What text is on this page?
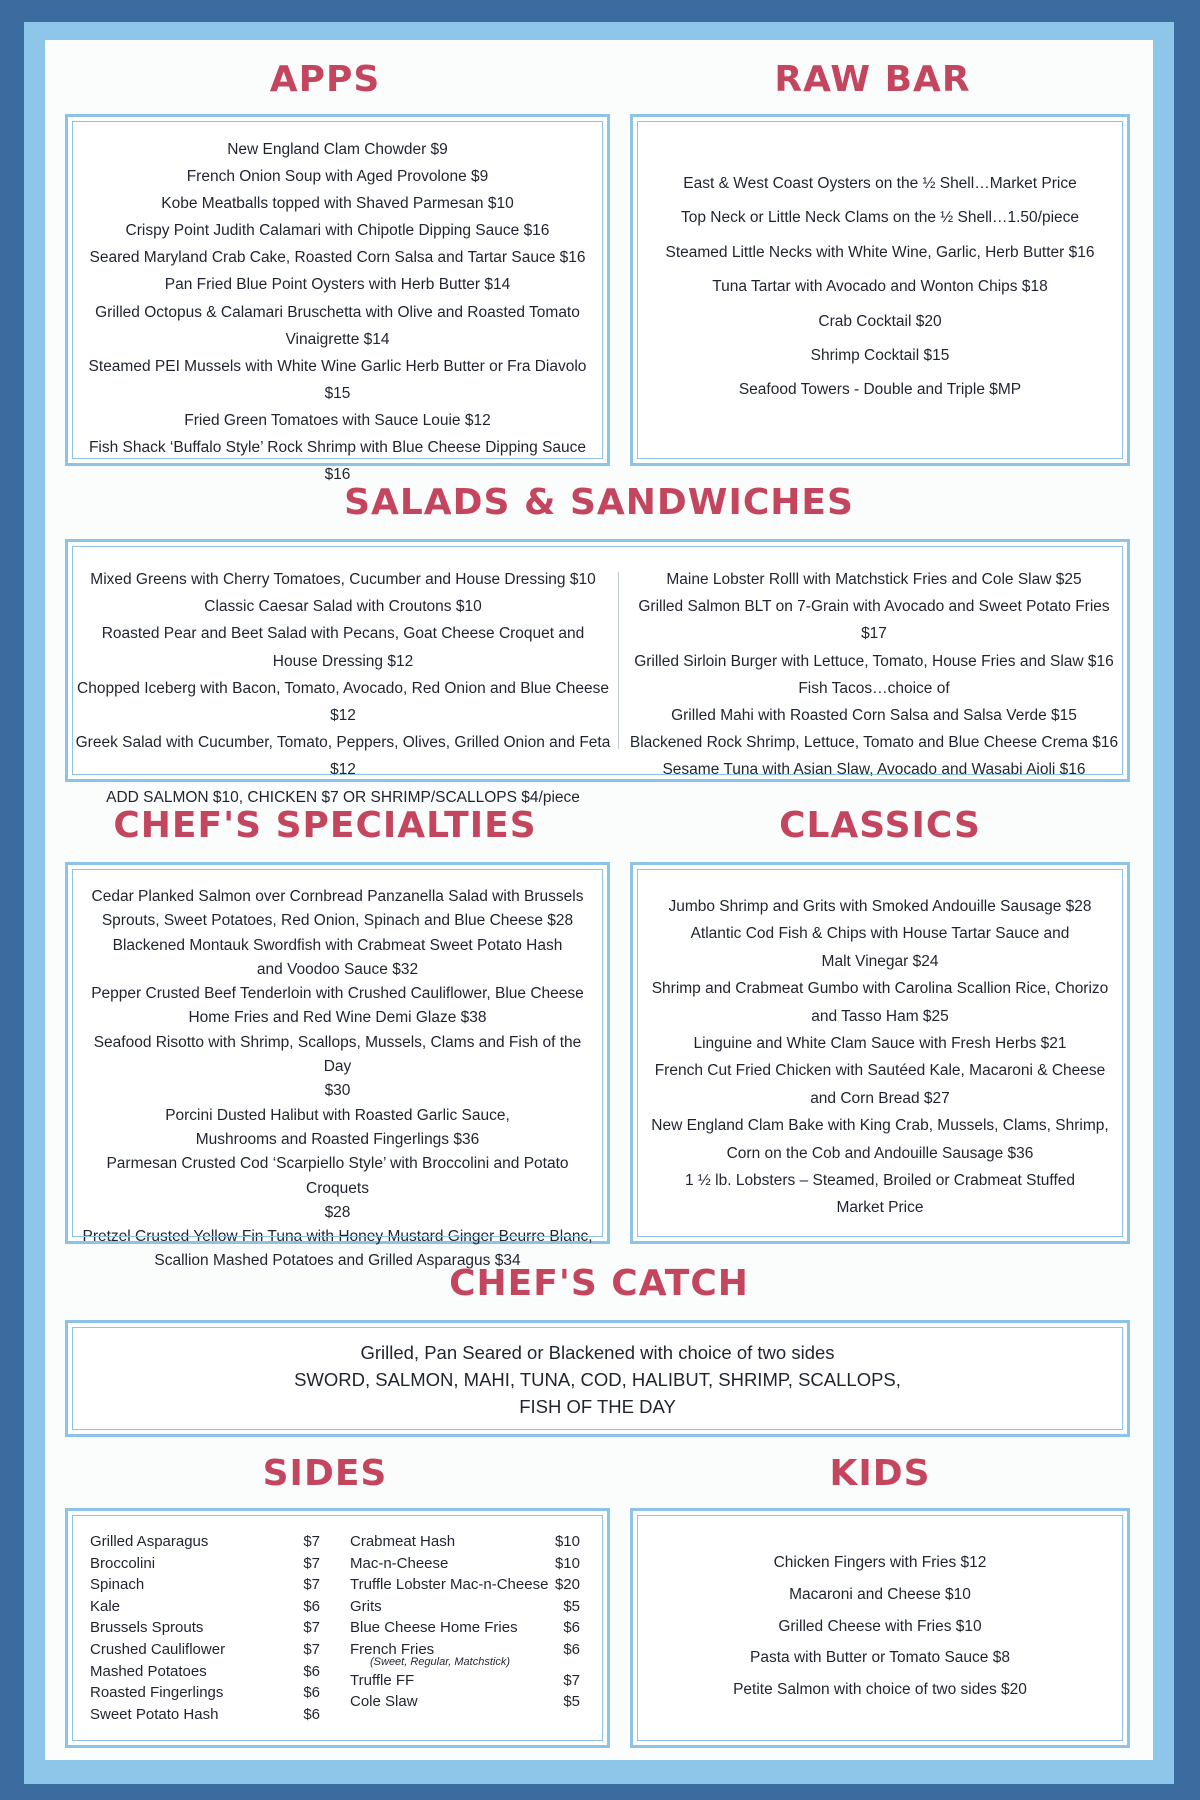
APPS
New England Clam Chowder $9
French Onion Soup with Aged Provolone $9
Kobe Meatballs topped with Shaved Parmesan $10
Crispy Point Judith Calamari with Chipotle Dipping Sauce $16
Seared Maryland Crab Cake, Roasted Corn Salsa and Tartar Sauce $16
Pan Fried Blue Point Oysters with Herb Butter $14
Grilled Octopus & Calamari Bruschetta with Olive and Roasted Tomato
Vinaigrette $14
Steamed PEI Mussels with White Wine Garlic Herb Butter or Fra Diavolo $15
Fried Green Tomatoes with Sauce Louie $12
Fish Shack ‘Buffalo Style’ Rock Shrimp with Blue Cheese Dipping Sauce $16
RAW BAR
East & West Coast Oysters on the ½ Shell…Market Price
Top Neck or Little Neck Clams on the ½ Shell…1.50/piece
Steamed Little Necks with White Wine, Garlic, Herb Butter $16
Tuna Tartar with Avocado and Wonton Chips $18
Crab Cocktail $20
Shrimp Cocktail $15
Seafood Towers - Double and Triple $MP
SALADS & SANDWICHES
Mixed Greens with Cherry Tomatoes, Cucumber and House Dressing $10
Classic Caesar Salad with Croutons $10
Roasted Pear and Beet Salad with Pecans, Goat Cheese Croquet and
House Dressing $12
Chopped Iceberg with Bacon, Tomato, Avocado, Red Onion and Blue Cheese $12
Greek Salad with Cucumber, Tomato, Peppers, Olives, Grilled Onion and Feta $12
ADD SALMON $10, CHICKEN $7 OR SHRIMP/SCALLOPS $4/piece
Maine Lobster Rolll with Matchstick Fries and Cole Slaw $25
Grilled Salmon BLT on 7-Grain with Avocado and Sweet Potato Fries $17
Grilled Sirloin Burger with Lettuce, Tomato, House Fries and Slaw $16
Fish Tacos…choice of
Grilled Mahi with Roasted Corn Salsa and Salsa Verde $15
Blackened Rock Shrimp, Lettuce, Tomato and Blue Cheese Crema $16
Sesame Tuna with Asian Slaw, Avocado and Wasabi Aioli $16
CHEF'S SPECIALTIES
Cedar Planked Salmon over Cornbread Panzanella Salad with Brussels
Sprouts, Sweet Potatoes, Red Onion, Spinach and Blue Cheese $28
Blackened Montauk Swordfish with Crabmeat Sweet Potato Hash
and Voodoo Sauce $32
Pepper Crusted Beef Tenderloin with Crushed Cauliflower, Blue Cheese
Home Fries and Red Wine Demi Glaze $38
Seafood Risotto with Shrimp, Scallops, Mussels, Clams and Fish of the Day
$30
Porcini Dusted Halibut with Roasted Garlic Sauce,
Mushrooms and Roasted Fingerlings $36
Parmesan Crusted Cod ‘Scarpiello Style’ with Broccolini and Potato Croquets
$28
Pretzel Crusted Yellow Fin Tuna with Honey Mustard Ginger Beurre Blanc,
Scallion Mashed Potatoes and Grilled Asparagus $34
CLASSICS
Jumbo Shrimp and Grits with Smoked Andouille Sausage $28
Atlantic Cod Fish & Chips with House Tartar Sauce and
Malt Vinegar $24
Shrimp and Crabmeat Gumbo with Carolina Scallion Rice, Chorizo
and Tasso Ham $25
Linguine and White Clam Sauce with Fresh Herbs $21
French Cut Fried Chicken with Sautéed Kale, Macaroni & Cheese
and Corn Bread $27
New England Clam Bake with King Crab, Mussels, Clams, Shrimp,
Corn on the Cob and Andouille Sausage $36
1 ½ lb. Lobsters – Steamed, Broiled or Crabmeat Stuffed
Market Price
CHEF'S CATCH
Grilled, Pan Seared or Blackened with choice of two sides
SWORD, SALMON, MAHI, TUNA, COD, HALIBUT, SHRIMP, SCALLOPS,
FISH OF THE DAY
SIDES
Grilled Asparagus	$7
Broccolini	$7
Spinach	$7
Kale	$6
Brussels Sprouts	$7
Crushed Cauliflower	$7
Mashed Potatoes	$6
Roasted Fingerlings	$6
Sweet Potato Hash	$6
Crabmeat Hash	$10
Mac-n-Cheese	$10
Truffle Lobster Mac-n-Cheese $20
Grits	$5
Blue Cheese Home Fries	$6
French Fries	$6
(Sweet, Regular, Matchstick)
Truffle FF	$7
Cole Slaw	$5
KIDS
Chicken Fingers with Fries $12
Macaroni and Cheese $10
Grilled Cheese with Fries $10
Pasta with Butter or Tomato Sauce $8
Petite Salmon with choice of two sides $20
